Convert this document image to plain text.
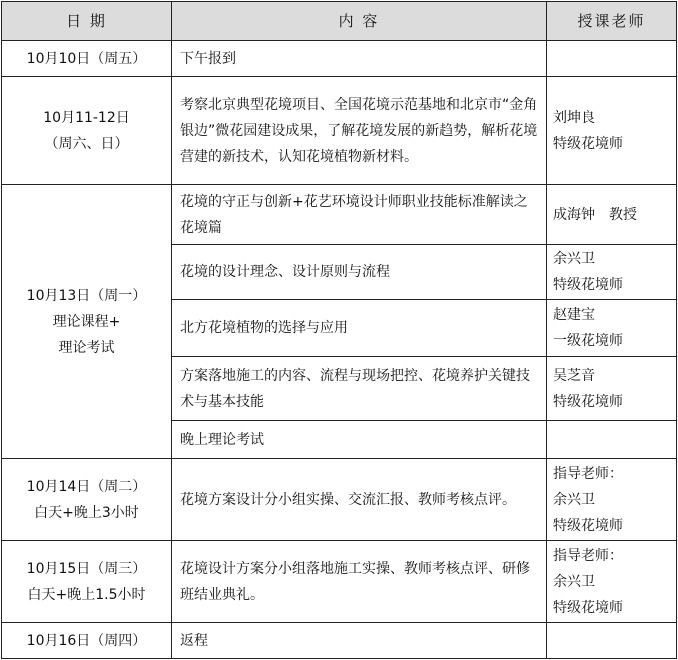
日 期	内 容	授课老师

10月10日（周五）	下午报到	

10月11-12日
（周六、日）	考察北京典型花境项目、全国花境示范基地和北京市“金角银边”微花园建设成果，了解花境发展的新趋势，解析花境营建的新技术，认知花境植物新材料。	刘坤良
特级花境师

10月13日（周一）
理论课程+
理论考试	花境的守正与创新+花艺环境设计师职业技能标准解读之花境篇	成海钟　教授

	花境的设计理念、设计原则与流程	余兴卫
特级花境师

	北方花境植物的选择与应用	赵建宝
一级花境师

	方案落地施工的内容、流程与现场把控、花境养护关键技术与基本技能	吴芝音
特级花境师

	晚上理论考试	

10月14日（周二）
白天+晚上3小时	花境方案设计分小组实操、交流汇报、教师考核点评。	指导老师：
余兴卫
特级花境师

10月15日（周三）
白天+晚上1.5小时	花境设计方案分小组落地施工实操、教师考核点评、研修班结业典礼。	指导老师：
余兴卫
特级花境师

10月16日（周四）	返程	
